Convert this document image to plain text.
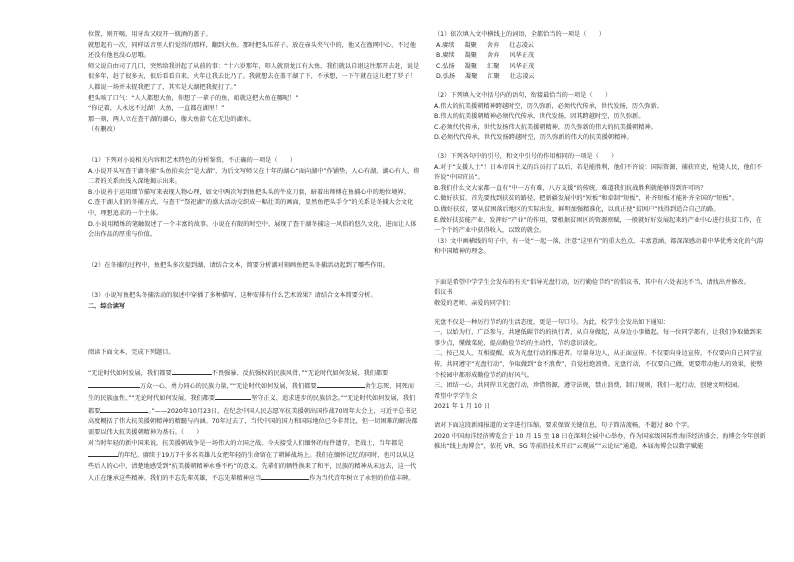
位置，则开喝，用牙齿又咬开一瓶酒的盖子。

就想起有一次，同样话音里人们觉得的那样，翻到大鱼。那时把头压祥子。放在壶头夹气中的，他又在渔网中心，不过他还没有他也没心思哦。

师父说自由司了几口，突然给我讲起了从前的事：“十六岁那年，叩人就顶龙江有大鱼，我们就以自诩这往那开去赶，说是很多年，赶了很多天，很后看看自来，火年让我去比乃了。我就想去在盖干湖了下，不承想，一下午就在这儿把了罗子！人都说一场并未捉我把了了，其实是大湖把我捉打了。”

把头咳了口气：“人人都想大鱼，你想了一辈子的鱼，咱就这把大鱼在哪呢！”

“你记着，人永远不过湖！大鱼，一直都在湖里！”

那一刻，两人立在查干湖的湖心，像大鱼游弋在无边的湖水。

（有删改）

（1）下列对小说相关内容和艺术特色的分析鉴赏，不正确的一项是（　　）

A.小说开头写查干湖冬捕“头鱼拍卖会”是大湖”，为后文写师父在十年的湖心“面向湖中”作铺垫，人心有湖，湖心有人，将二者的关系由浅入深地揭示出来。

B.小说善于运用细节描写来表现人物心理，如文中两次写到鱼把头头的牛皮刀套，暗着出师傅在鱼捕心中的地位境界。

C.查干湖人们的冬捕方式，与查干“祭祀湖”的盛大活动交织成一幅壮美的画面，显然鱼把头手令”的关系是冬捕大会文化中，理想追求的一个主体。

D.小说用精炼的笔触叙述了一个丰富的故事。小说在有限的时空中，展现了查干湖冬捕这一风俗的悠久文化，进而让人体会出作品的厚重与价值。

（2）在冬捕的过程中，鱼把头多次提到湖，请结合文本，简要分析湖对刻画鱼把头冬捕活动起到了哪些作用。

（3）小说写鱼把头冬捕活动的叙述中穿插了多种描写，这种安排有什么艺术效果？请结合文本简要分析。

二、综合读写

阅读下面文本，完成下列题目。

“无论时代如何发展，我们都要	不畏强暴、反抗强权的民族风骨，”“无论时代如何发展，我们都要万众一心、勇力同心的民族力量，”“无论时代如何发展，我们都要	舍生忘死、同死而生的民族血性，”“无论时代如何发展，我们都要	坚守正义、追求进步的民族信念。”“无论时代如何发展，我们都要	。”——2020年10月23日，在纪念中国人民志愿军抗美援朝出国作战70周年大会上，习近平总书记高度概括了伟大抗美援朝精神的精髓与内涵。70年过去了，当代中国的国力和国际地位已今非昔比，但一切困难的解决都需要以伟大抗美援朝精神为基石。（　　）

对当时年轻的新中国来说，抗美援朝战争是一场伟大的立国之战。今天接受人们缅怀的每件遗存，老战士，当年都是的年纪。赓续于19万7千多名英雄儿女把年轻的生命留在了朝鲜战场上。我们在缅怀记忆的同时，也可以从这些后人的心中，清楚地感受到“抗美援朝精神永垂不朽”的意义。先辈们的牺牲换来了和平，民族的精神从未远去，这一代人正在继承这些精神。我们的不忘先辈英雄，不忘先辈精神应当	作为当代青年树立了永恒的价值丰碑。

（1）依次填入文中横线上的词语，全都恰当的一项是（　　）

A.赓续 凝聚 舍弃 壮志凌云
B.赓续 凝聚 舍弃 风华正茂
C.弘扬 凝聚 汇聚 风华正茂
D.弘扬 凝聚 汇聚 壮志凌云

（2）下列填入文中括号内的语句，衔接最恰当的一项是（　　）

A.伟大的抗美援朝精神跨越时空，历久弥新，必须代代传承，世代发扬，历久弥新。

B.伟大的抗美援朝精神必须代代传承，世代发扬，因其跨越时空，历久弥新。

C.必须代代传承，世代发扬伟大抗美援朝精神，历久弥新的伟大的抗美援朝精神。

D.必须代代传承，世代发扬跨越时空，历久弥新的伟大的抗美援朝精神。

（3）下列各句中的引号，和文中引号的作用相同的一项是（　　）

A.对于“支援人士”！日本帝国主义的兵员打了以后，若是能胜利，他们不许说：国际资源，捕获官吏，枪毙人民，他们不许说“中国官员”。

B.我们什么文大家都一直有“中一方有难，八方支援”的传统，难道我们抗战胜利就能够得到许可吗？

C.做好扶贫，首先要找到扶贫的路径，把新疆发展中的“短板”和牵制“短板”，补齐短板才能补齐全国的“短板”。

D.做好扶贫，要从贫困落后地区的实际出发，鲜明加强精准化，以真正使“贫困户”找得到适合自己的路。

E.做好扶贫能产业，发挥好“产业”的作用，要根据贫困区的资源禀赋，一般就好好发展起来的产业中心进行扶贫工作，在一个个的产业中获得收入，以致的就会。

（3）文中画横线的句子中，有一处“一起一落，注意“这里有”的重大色点，丰富意涵，都深深感动着中华优秀文化的气韵和中国精神的理念。

下面是希望中学学生会发布的有关“倡导光盘行动，厉行勤俭节约”的倡议书，其中有六处表达不当，请找出并修改。

倡议书

敬爱的老师、亲爱的同学们：

光盘不仅是一种厉行节约的生活态度，更是一句口号。为此，校学生会发出如下通知：

一、以始为行，广泛参与，共建低碳节约的执行者，从自身做起，从身边小事做起，每一位同学都有，让我们争取做到来事少点，懂做菜轮，提高勤俭节约的主动性，节约意识淡化。

二、按己及人，互相提醒，成为光盘行动的推进者。尽量身边人，从正面宣传。不仅要向身边宣传，不仅要向自己同学宣传，共同遵守“光盘行动”，争取做到“食不浪费”，自觉杜绝浪费。光盘行动，不仅要自己做，更要带动他人的效果，使整个校园中都形成勤俭节约的好风气。

三、团结一心，共同捍卫光盘行动，珍惜资源，遵守法规，禁止浪费，制订规则，我们一起行动，创建文明校园。

希望中学学生会

2021 年 1 月 10 日

请对下面这段新闻报道的文字进行压缩，要求保留关键信息，句子简洁流畅，不超过 80 个字。

2020 中国海洋经济博览会于 10 月 15 至 18 日在深圳会展中心举办，作为国家级国际性海洋经济盛会，海博会今年创新推出“线上海博会”，依托 VR、5G 等前沿技术开启“云观展”“云论坛”通道，本届海博会以数字赋能
